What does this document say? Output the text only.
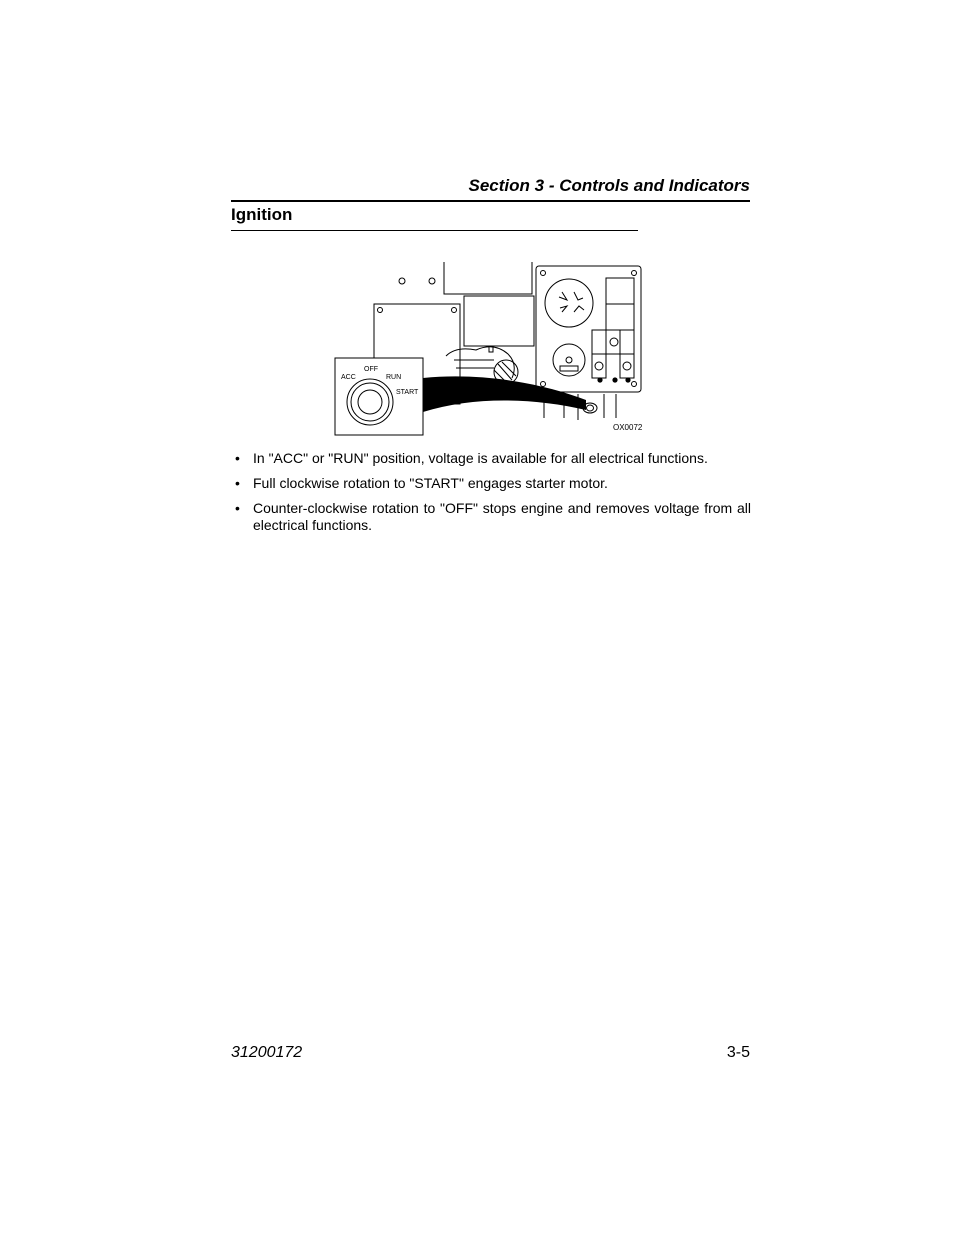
Section 3 - Controls and Indicators
Ignition
OFF
ACC	RUN
START
OX0072
• In "ACC" or "RUN" position, voltage is available for all electrical functions.
• Full clockwise rotation to "START" engages starter motor.
• Counter-clockwise rotation to "OFF" stops engine and removes voltage from all electrical functions.
31200172	3-5
